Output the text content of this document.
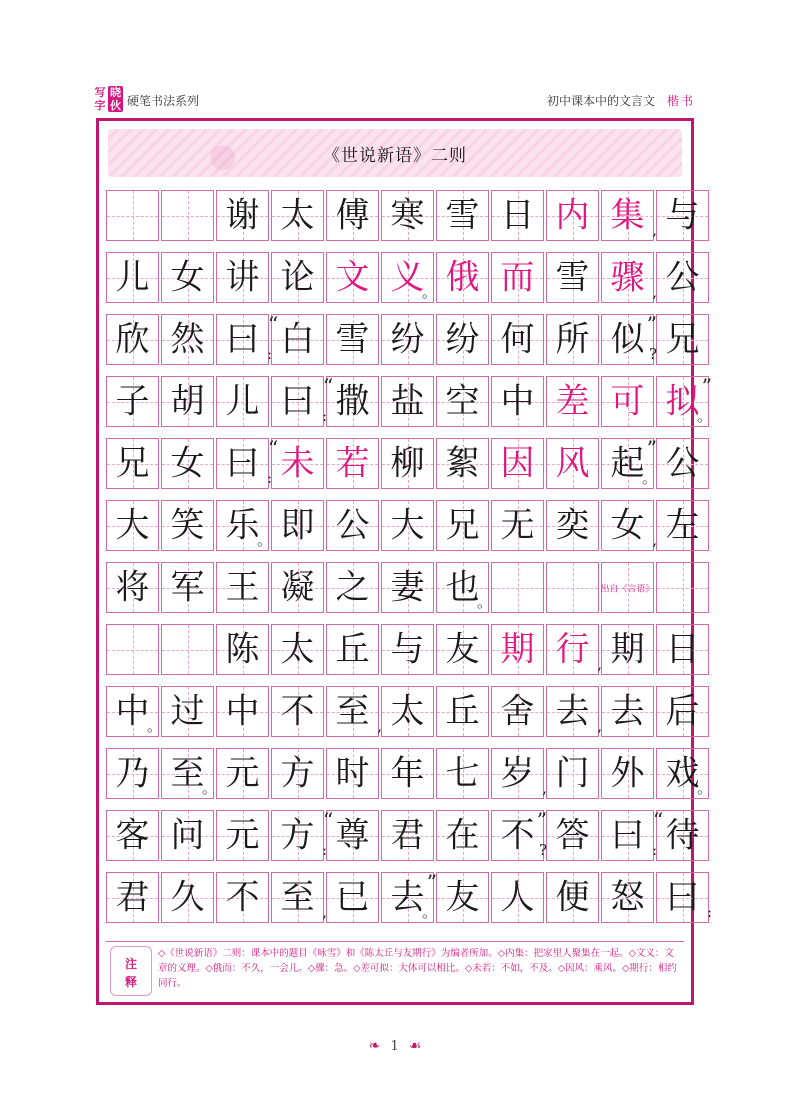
写字
晓伙 硬笔书法系列	初中课本中的文言文 楷书
《世说新语》二则
谢 太 傅 寒 雪 日 内 集 , 与
儿 女 讲 论 文 义
。 俄 而 雪 骤 , 公
欣 然 曰 : 白
“ 雪 纷 纷 何 所 似 ?
” 兄
子 胡 儿 曰 : 撒
“ 盐 空 中 差 可 拟
。
”
兄 女 曰 : 未
“ 若 柳 絮 因 风 起
。
” 公
大 笑 乐
。 即 公 大 兄 无 奕 女 , 左
将 军 王 凝 之 妻 也
。
出自《言语》
陈 太 丘 与 友 期 行 , 期 日
中
。 过 中 不 至 , 太 丘 舍 去 , 去 后
乃 至
。 元 方 时 年 七 岁 , 门 外 戏
。
客 问 元 方 : 尊
“ 君 在 不 ?
” 答 曰 : 待
“
君 久 不 至 , 已 去
。
” 友 人 便 怒 曰 :
注
释
◇《世说新语》二则：课本中的题目《咏雪》和《陈太丘与友期行》为编者所加。◇内集：把家里人聚集在一起。◇文义：文章的义理。◇俄而：不久，一会儿。◇骤：急。◇差可拟：大体可以相比。◇未若：不如，不及。◇因风：乘风。◇期行：相约同行。
❧ 1 ☙
